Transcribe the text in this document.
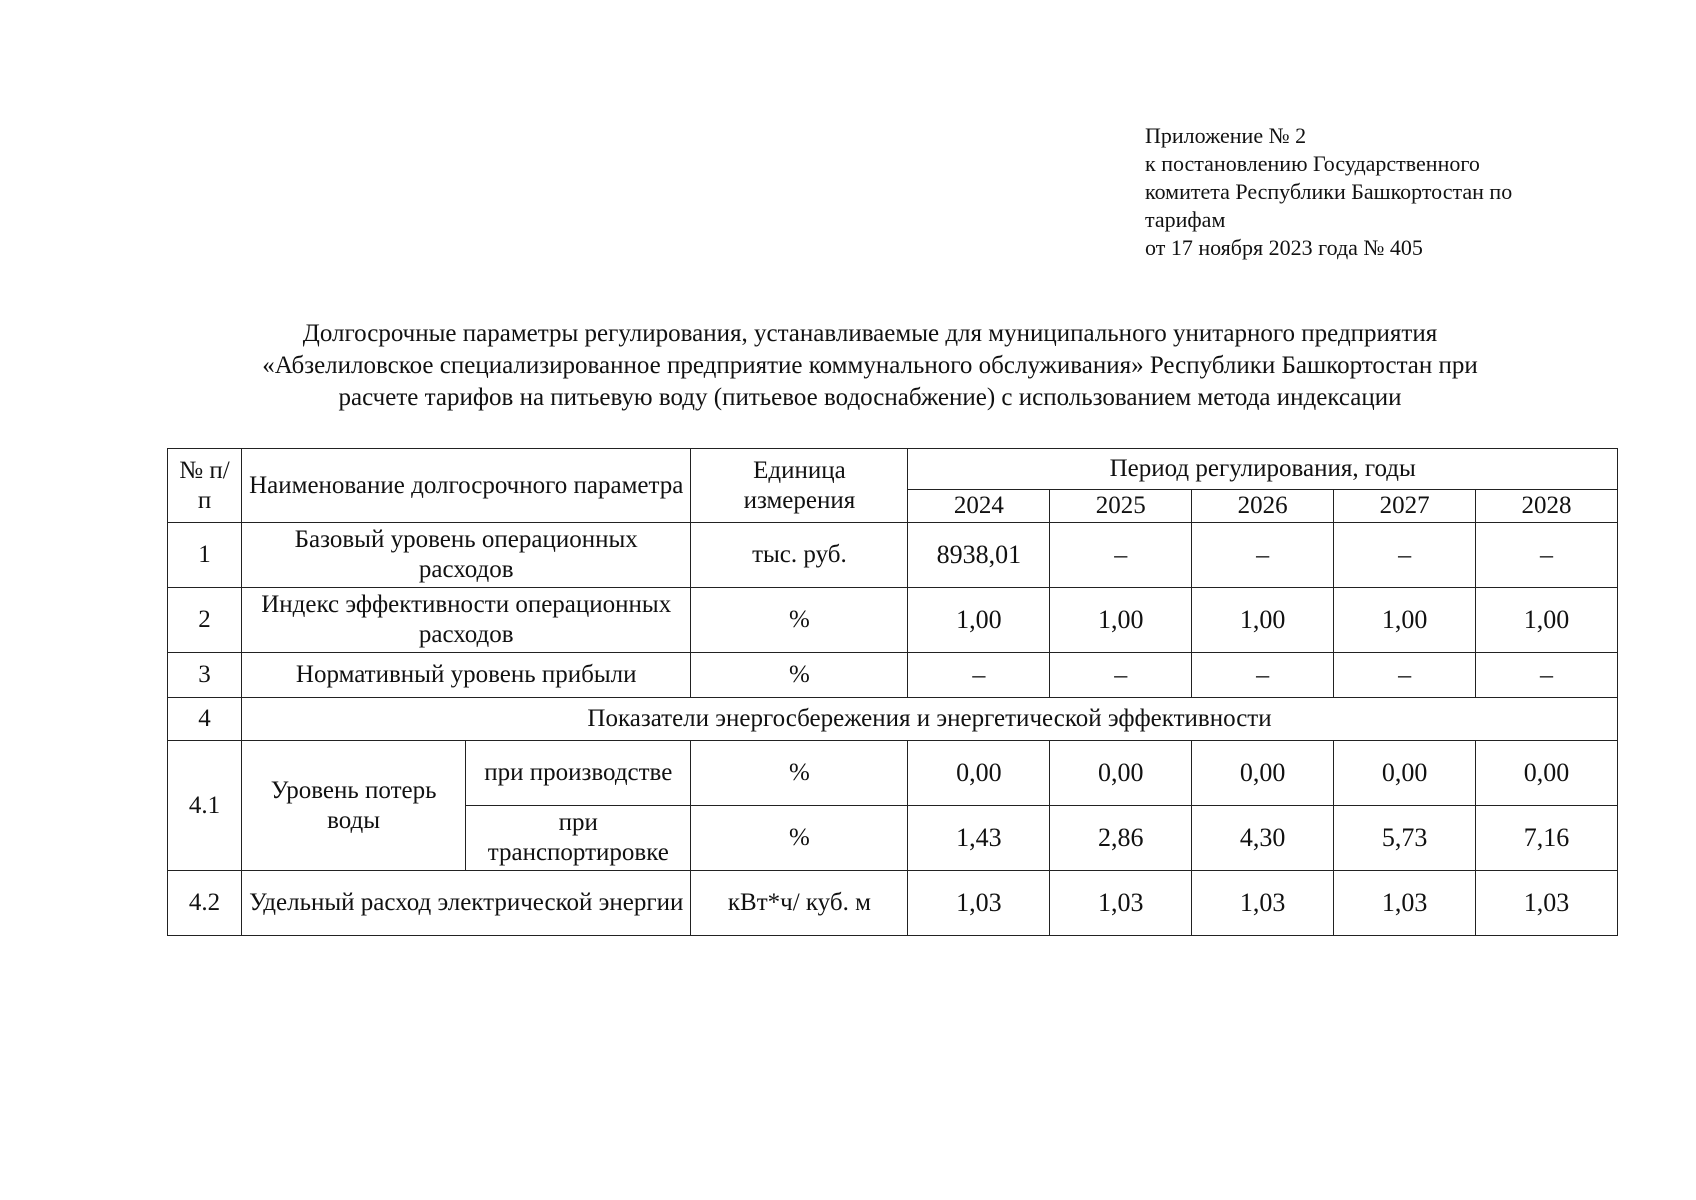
Приложение № 2
к постановлению Государственного
комитета Республики Башкортостан по
тарифам
от 17 ноября 2023 года № 405
Долгосрочные параметры регулирования, устанавливаемые для муниципального унитарного предприятия
«Абзелиловское специализированное предприятие коммунального обслуживания» Республики Башкортостан при
расчете тарифов на питьевую воду (питьевое водоснабжение) с использованием метода индексации
№ п/п	Наименование долгосрочного параметра		Единица измерения	Период регулирования, годы				
				2024	2025	2026	2027	2028
1	Базовый уровень операционных расходов		тыс. руб.	8938,01	–	–	–	–
2	Индекс эффективности операционных расходов		%	1,00	1,00	1,00	1,00	1,00
3	Нормативный уровень прибыли		%	–	–	–	–	–
4	Показатели энергосбережения и энергетической эффективности							
4.1	Уровень потерь воды	при производстве	%	0,00	0,00	0,00	0,00	0,00
		при транспортировке	%	1,43	2,86	4,30	5,73	7,16
4.2	Удельный расход электрической энергии		кВт*ч/ куб. м	1,03	1,03	1,03	1,03	1,03
